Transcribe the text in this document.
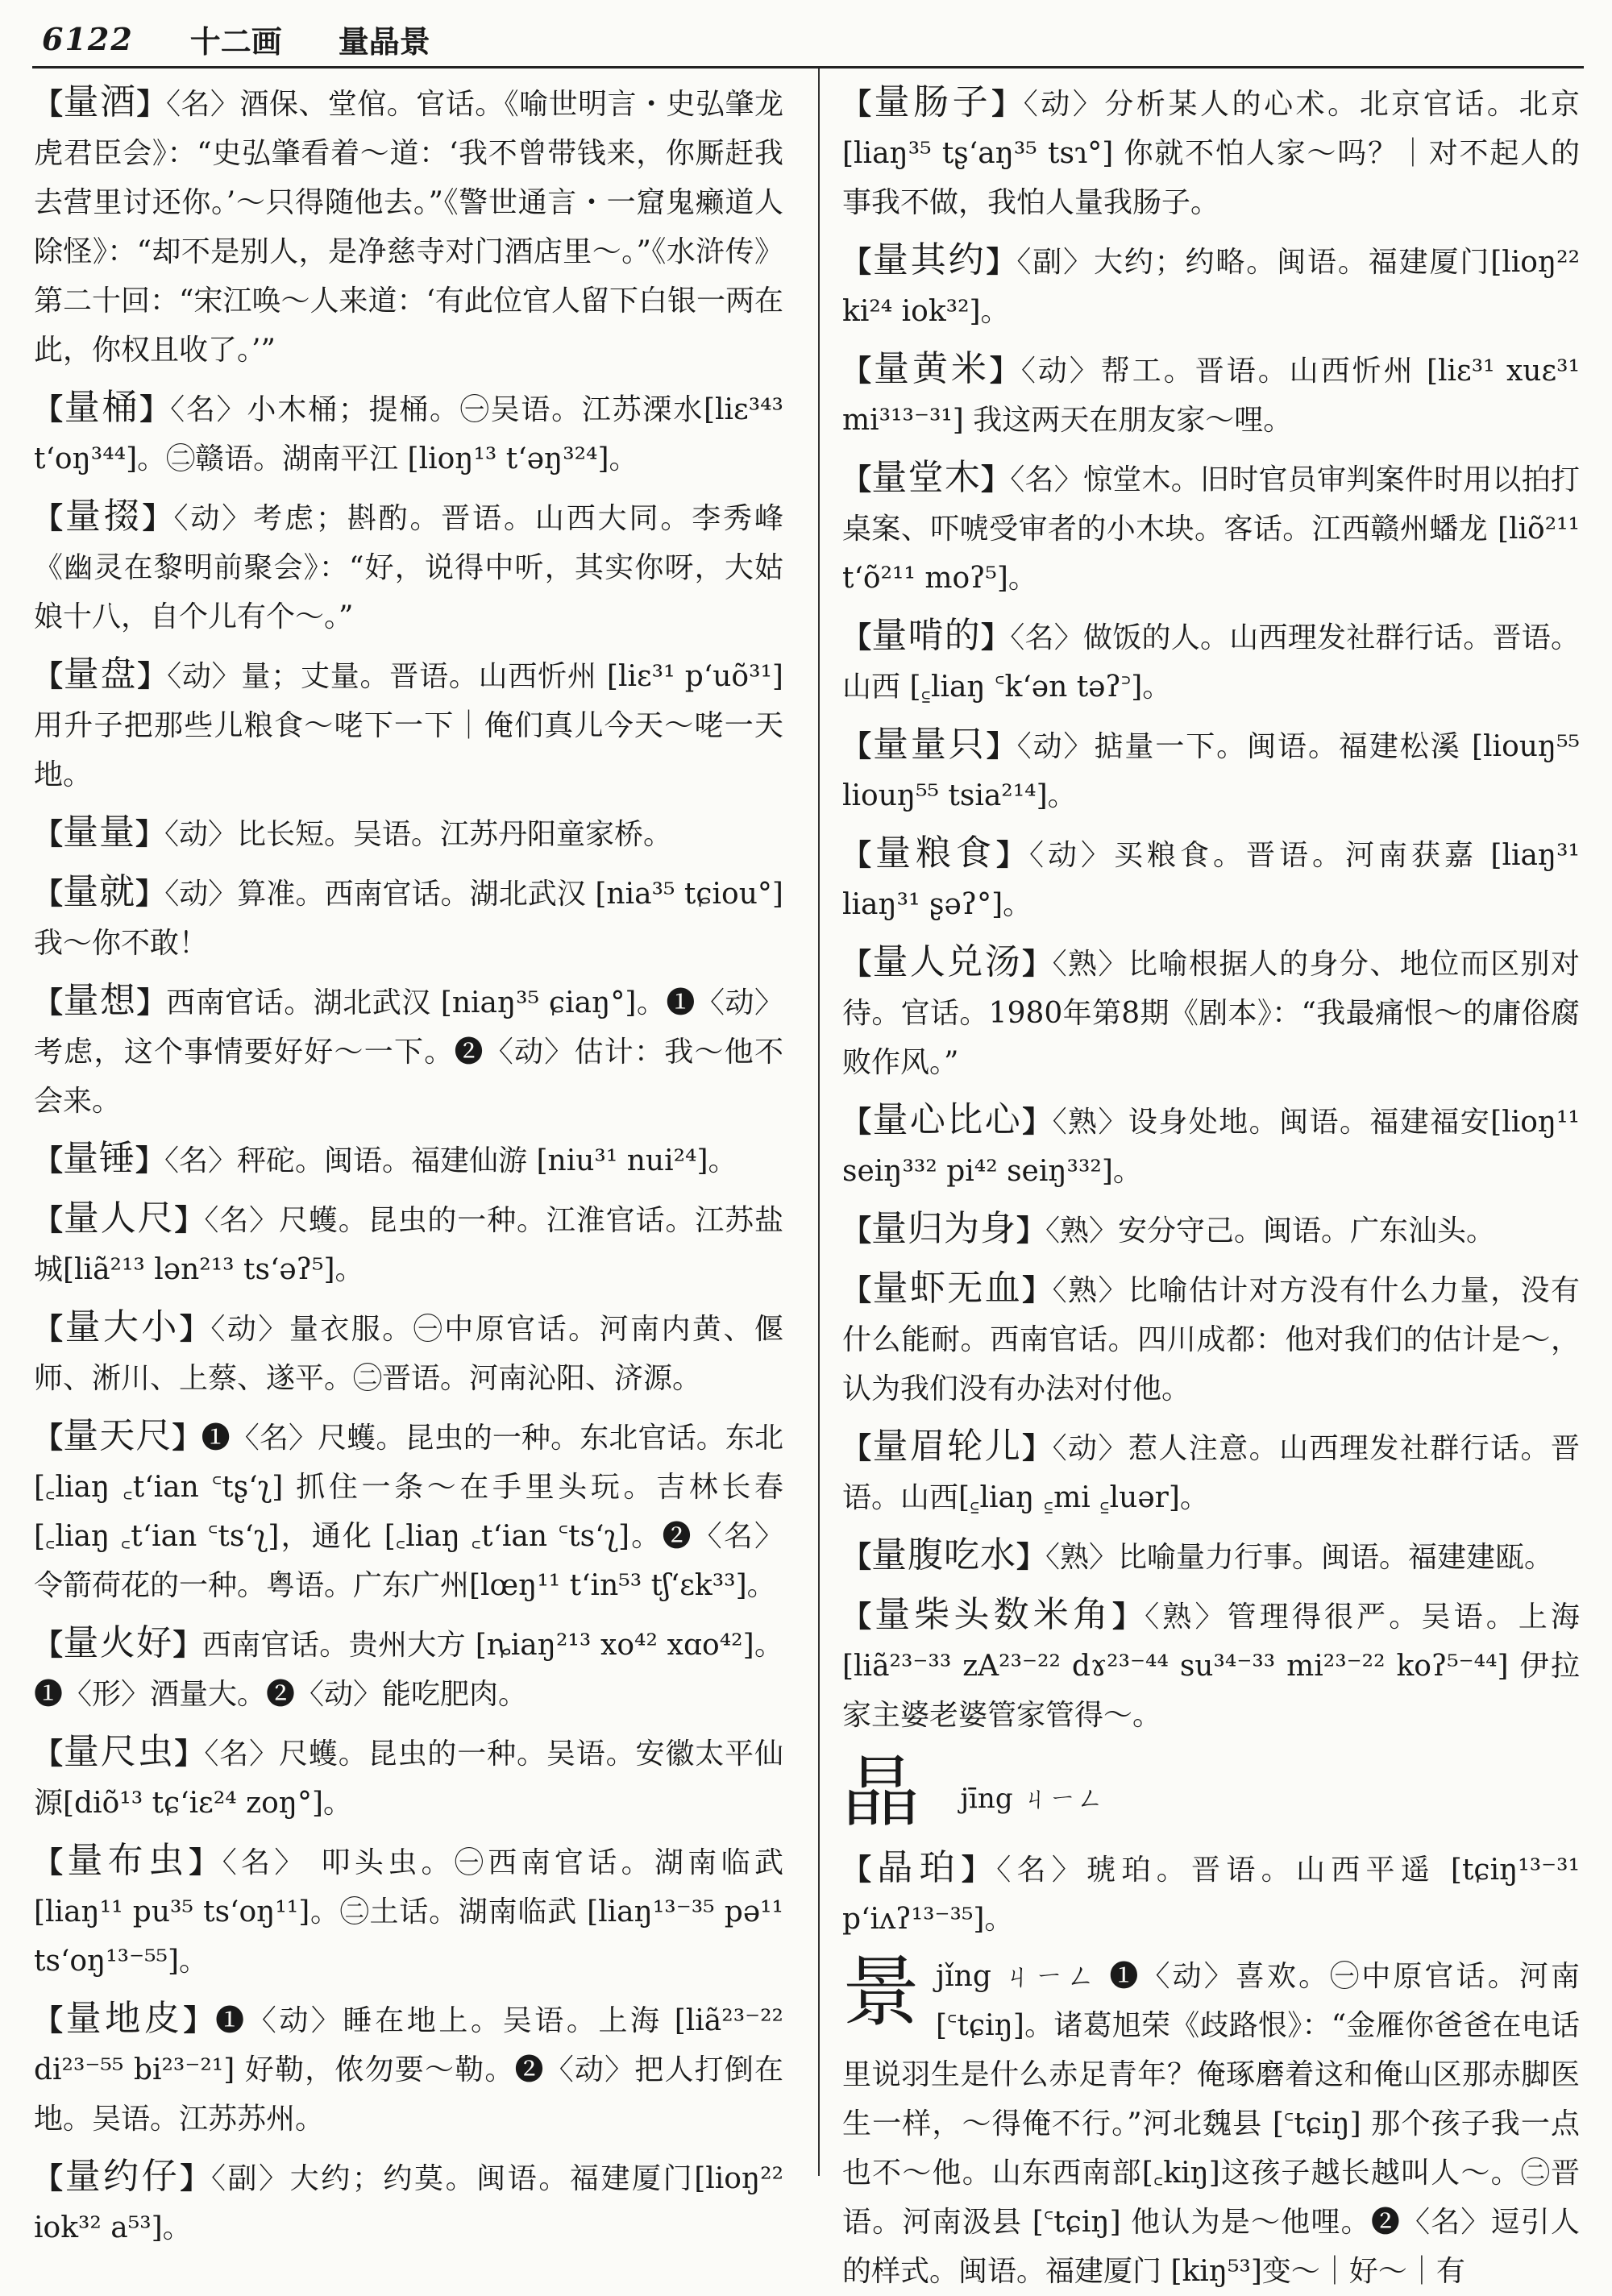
6122 十二画 量晶景
【量酒】〈名〉酒保、堂倌。官话。《喻世明言・史弘肇龙虎君臣会》：“史弘肇看着～道：‘我不曾带钱来，你厮赶我去营里讨还你。’～只得随他去。”《警世通言・一窟鬼癞道人除怪》：“却不是别人，是净慈寺对门酒店里～。”《水浒传》第二十回：“宋江唤～人来道：‘有此位官人留下白银一两在此，你权且收了。’”
【量桶】〈名〉小木桶；提桶。㊀吴语。江苏溧水[liɛ³⁴³ tʻoŋ³⁴⁴]。㊁赣语。湖南平江 [lioŋ¹³ tʻəŋ³²⁴]。
【量掇】〈动〉考虑；斟酌。晋语。山西大同。李秀峰《幽灵在黎明前聚会》：“好，说得中听，其实你呀，大姑娘十八，自个儿有个～。”
【量盘】〈动〉量；丈量。晋语。山西忻州 [liɛ³¹ pʻuõ³¹] 用升子把那些儿粮食～咾下一下｜俺们真儿今天～咾一天地。
【量量】〈动〉比长短。吴语。江苏丹阳童家桥。
【量就】〈动〉算准。西南官话。湖北武汉 [nia³⁵ tɕiou°] 我～你不敢！
【量想】西南官话。湖北武汉 [niaŋ³⁵ ɕiaŋ°]。❶〈动〉考虑，这个事情要好好～一下。❷〈动〉估计：我～他不会来。
【量锤】〈名〉秤砣。闽语。福建仙游 [niu³¹ nui²⁴]。
【量人尺】〈名〉尺蠖。昆虫的一种。江淮官话。江苏盐城[liã²¹³ lən²¹³ tsʻəʔ⁵]。
【量大小】〈动〉量衣服。㊀中原官话。河南内黄、偃师、淅川、上蔡、遂平。㊁晋语。河南沁阳、济源。
【量天尺】❶〈名〉尺蠖。昆虫的一种。东北官话。东北[꜀liaŋ ꜀tʻian ꜂tʂʻʅ] 抓住一条～在手里头玩。吉林长春[꜀liaŋ ꜀tʻian ꜂tsʻʅ]，通化 [꜀liaŋ ꜀tʻian ꜂tsʻʅ]。❷〈名〉令箭荷花的一种。粤语。广东广州[lœŋ¹¹ tʻin⁵³ tʃʻɛk³³]。
【量火好】西南官话。贵州大方 [ȵiaŋ²¹³ xo⁴² xɑo⁴²]。❶〈形〉酒量大。❷〈动〉能吃肥肉。
【量尺虫】〈名〉尺蠖。昆虫的一种。吴语。安徽太平仙源[diõ¹³ tɕʻiɛ²⁴ zoŋ°]。
【量布虫】〈名〉 叩头虫。㊀西南官话。湖南临武 [liaŋ¹¹ pu³⁵ tsʻoŋ¹¹]。㊁土话。湖南临武 [liaŋ¹³⁻³⁵ pə¹¹ tsʻoŋ¹³⁻⁵⁵]。
【量地皮】❶〈动〉睡在地上。吴语。上海 [liã²³⁻²² di²³⁻⁵⁵ bi²³⁻²¹] 好勒，侬勿要～勒。❷〈动〉把人打倒在地。吴语。江苏苏州。
【量约仔】〈副〉大约；约莫。闽语。福建厦门[lioŋ²² iok³² a⁵³]。
【量肠子】〈动〉分析某人的心术。北京官话。北京 [liaŋ³⁵ tʂʻaŋ³⁵ tsɿ°] 你就不怕人家～吗？｜对不起人的事我不做，我怕人量我肠子。
【量其约】〈副〉大约；约略。闽语。福建厦门[lioŋ²² ki²⁴ iok³²]。
【量黄米】〈动〉帮工。晋语。山西忻州 [liɛ³¹ xuɛ³¹ mi³¹³⁻³¹] 我这两天在朋友家～哩。
【量堂木】〈名〉惊堂木。旧时官员审判案件时用以拍打桌案、吓唬受审者的小木块。客话。江西赣州蟠龙 [liõ²¹¹ tʻõ²¹¹ moʔ⁵]。
【量啃的】〈名〉做饭的人。山西理发社群行话。晋语。山西 [꜁liaŋ ꜂kʻən təʔ꜄]。
【量量只】〈动〉掂量一下。闽语。福建松溪 [liouŋ⁵⁵ liouŋ⁵⁵ tsia²¹⁴]。
【量粮食】〈动〉买粮食。晋语。河南获嘉 [liaŋ³¹ liaŋ³¹ ʂəʔ°]。
【量人兑汤】〈熟〉比喻根据人的身分、地位而区别对待。官话。1980年第8期《剧本》：“我最痛恨～的庸俗腐败作风。”
【量心比心】〈熟〉设身处地。闽语。福建福安[lioŋ¹¹ seiŋ³³² pi⁴² seiŋ³³²]。
【量归为身】〈熟〉安分守己。闽语。广东汕头。
【量虾无血】〈熟〉比喻估计对方没有什么力量，没有什么能耐。西南官话。四川成都：他对我们的估计是～，认为我们没有办法对付他。
【量眉轮儿】〈动〉惹人注意。山西理发社群行话。晋语。山西[꜁liaŋ ꜁mi ꜁luər]。
【量腹吃水】〈熟〉比喻量力行事。闽语。福建建瓯。
【量柴头数米角】〈熟〉管理得很严。吴语。上海 [liã²³⁻³³ zA²³⁻²² dɤ²³⁻⁴⁴ su³⁴⁻³³ mi²³⁻²² koʔ⁵⁻⁴⁴] 伊拉家主婆老婆管家管得～。
晶 jīng ㄐㄧㄥ
【晶珀】〈名〉琥珀。晋语。山西平遥 [tɕiŋ¹³⁻³¹ pʻiʌʔ¹³⁻³⁵]。
景 jǐng ㄐㄧㄥ ❶〈动〉喜欢。㊀中原官话。河南[꜂tɕiŋ]。诸葛旭荣《歧路恨》：“金雁你爸爸在电话里说羽生是什么赤足青年？俺琢磨着这和俺山区那赤脚医生一样，～得俺不行。”河北魏县 [꜂tɕiŋ] 那个孩子我一点也不～他。山东西南部[꜀kiŋ]这孩子越长越叫人～。㊁晋语。河南汲县 [꜂tɕiŋ] 他认为是～他哩。❷〈名〉逗引人的样式。闽语。福建厦门 [kiŋ⁵³]变～｜好～｜有
